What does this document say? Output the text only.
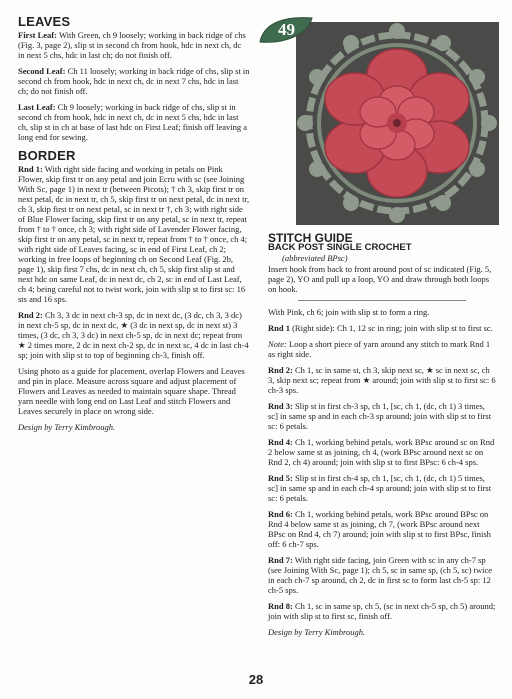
LEAVES

First Leaf: With Green, ch 9 loosely; working in back ridge of chs (Fig. 3, page 2), slip st in second ch from hook, hdc in next ch, dc in next 5 chs, hdc in last ch; do not finish off.

Second Leaf: Ch 11 loosely; working in back ridge of chs, slip st in second ch from hook, hdc in next ch, dc in next 7 chs, hdc in last ch; do not finish off.

Last Leaf: Ch 9 loosely; working in back ridge of chs, slip st in second ch from hook, hdc in next ch, dc in next 5 chs, hdc in last ch, slip st in ch at base of last hdc on First Leaf; finish off leaving a long end for sewing.

BORDER

Rnd 1: With right side facing and working in petals on Pink Flower, skip first tr on any petal and join Ecru with sc (see Joining With Sc, page 1) in next tr (between Picots); † ch 3, skip first tr on next petal, dc in next tr, ch 5, skip first tr on next petal, dc in next tr, ch 3, skip first tr on next petal, sc in next tr †, ch 3; with right side of Blue Flower facing, skip first tr on any petal, sc in next tr, repeat from † to † once, ch 3; with right side of Lavender Flower facing, skip first tr on any petal, sc in next tr, repeat from † to † once, ch 4; with right side of Leaves facing, sc in end of First Leaf, ch 2; working in free loops of beginning ch on Second Leaf (Fig. 2b, page 1), skip first 7 chs, dc in next ch, ch 5, skip first slip st and next hdc on same Leaf, dc in next dc, ch 2, sc in end of Last Leaf, ch 4; being careful not to twist work, join with slip st to first sc: 16 sts and 16 sps.

Rnd 2: Ch 3, 3 dc in next ch-3 sp, dc in next dc, (3 dc, ch 3, 3 dc) in next ch-5 sp, dc in next dc, ★ (3 dc in next sp, dc in next st) 3 times, (3 dc, ch 3, 3 dc) in next ch-5 sp, dc in next dc; repeat from ★ 2 times more, 2 dc in next ch-2 sp, dc in next sc, 4 dc in last ch-4 sp; join with slip st to top of beginning ch-3, finish off.

Using photo as a guide for placement, overlap Flowers and Leaves and pin in place. Measure across square and adjust placement of Flowers and Leaves as needed to maintain square shape. Thread yarn needle with long end on Last Leaf and stitch Flowers and Leaves securely in place on wrong side.

Design by Terry Kimbrough.

49

STITCH GUIDE

BACK POST SINGLE CROCHET

(abbreviated BPsc)

Insert hook from back to front around post of sc indicated (Fig. 5, page 2), YO and pull up a loop, YO and draw through both loops on hook.

With Pink, ch 6; join with slip st to form a ring.

Rnd 1 (Right side): Ch 1, 12 sc in ring; join with slip st to first sc.

Note: Loop a short piece of yarn around any stitch to mark Rnd 1 as right side.

Rnd 2: Ch 1, sc in same st, ch 3, skip next sc, ★ sc in next sc, ch 3, skip next sc; repeat from ★ around; join with slip st to first sc: 6 ch-3 sps.

Rnd 3: Slip st in first ch-3 sp, ch 1, [sc, ch 1, (dc, ch 1) 3 times, sc] in same sp and in each ch-3 sp around; join with slip st to first sc: 6 petals.

Rnd 4: Ch 1, working behind petals, work BPsc around sc on Rnd 2 below same st as joining, ch 4, (work BPsc around next sc on Rnd 2, ch 4) around; join with slip st to first BPsc: 6 ch-4 sps.

Rnd 5: Slip st in first ch-4 sp, ch 1, [sc, ch 1, (dc, ch 1) 5 times, sc] in same sp and in each ch-4 sp around; join with slip st to first sc: 6 petals.

Rnd 6: Ch 1, working behind petals, work BPsc around BPsc on Rnd 4 below same st as joining, ch 7, (work BPsc around next BPsc on Rnd 4, ch 7) around; join with slip st to first BPsc, finish off: 6 ch-7 sps.

Rnd 7: With right side facing, join Green with sc in any ch-7 sp (see Joining With Sc, page 1); ch 5, sc in same sp, (ch 5, sc) twice in each ch-7 sp around, ch 2, dc in first sc to form last ch-5 sp: 12 ch-5 sps.

Rnd 8: Ch 1, sc in same sp, ch 5, (sc in next ch-5 sp, ch 5) around; join with slip st to first sc, finish off.

Design by Terry Kimbrough.

28
